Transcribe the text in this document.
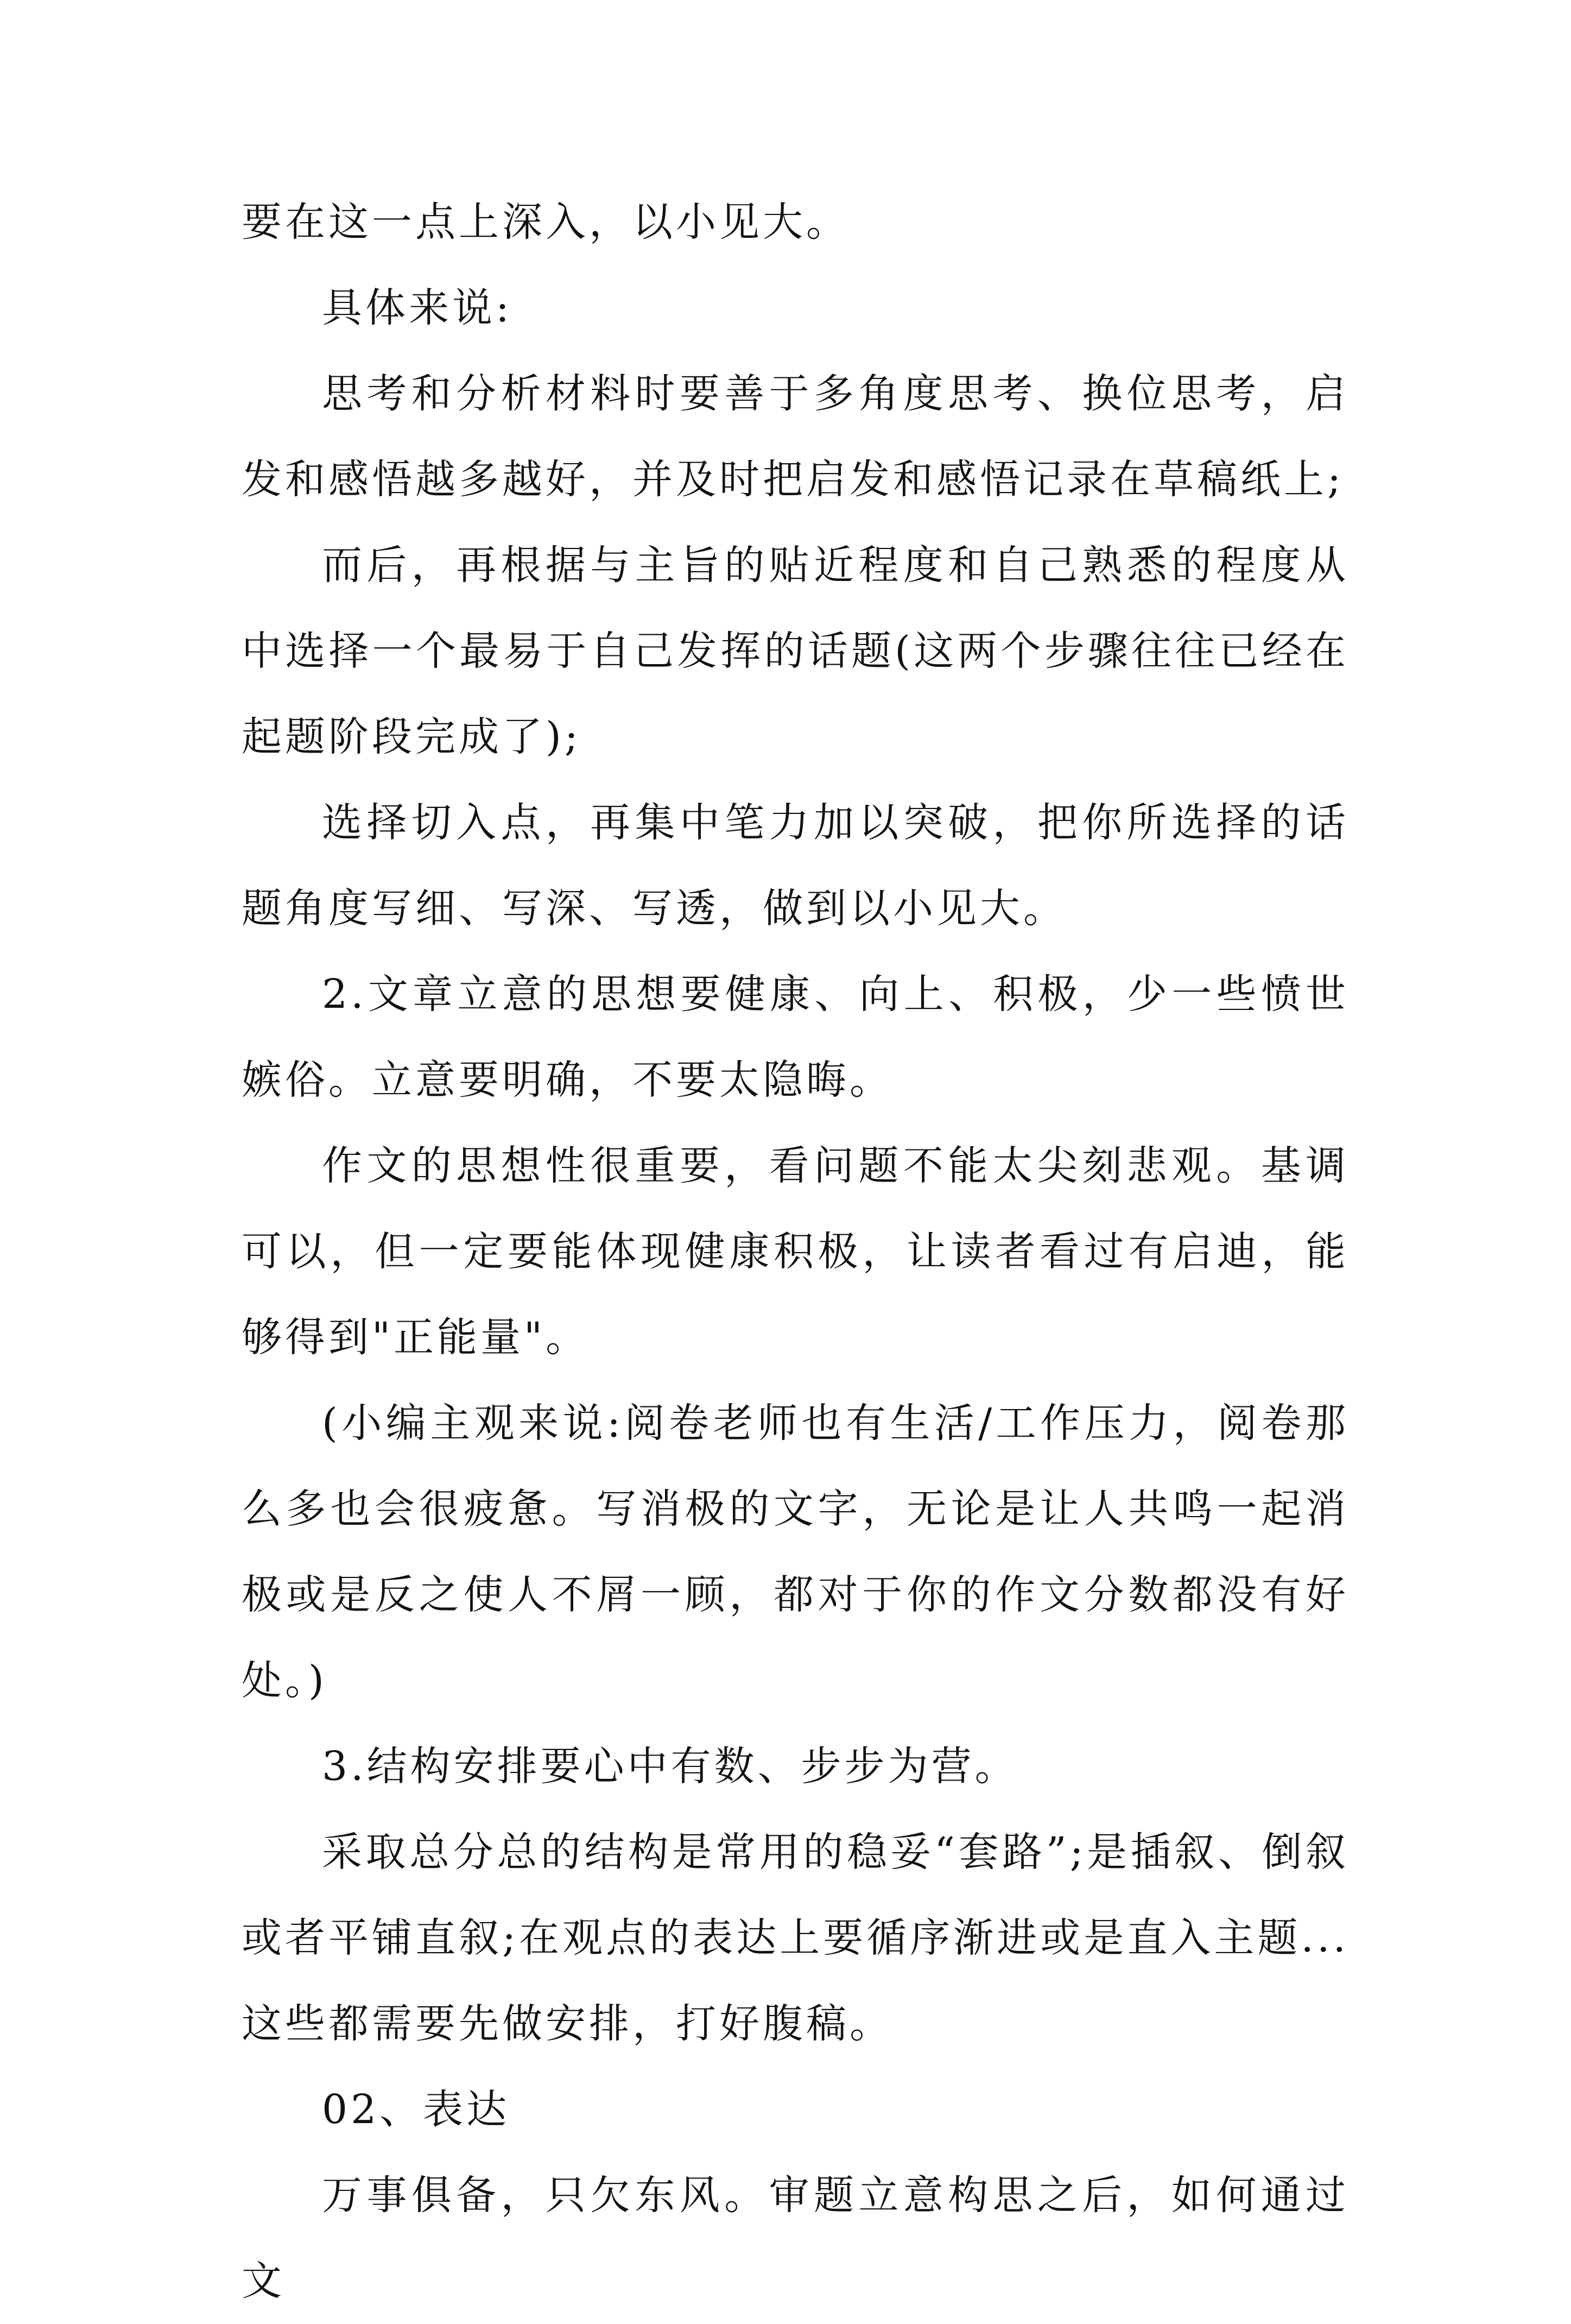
要在这一点上深入，以小见大。

具体来说:

思考和分析材料时要善于多角度思考、换位思考，启发和感悟越多越好，并及时把启发和感悟记录在草稿纸上;

而后，再根据与主旨的贴近程度和自己熟悉的程度从中选择一个最易于自己发挥的话题(这两个步骤往往已经在起题阶段完成了);

选择切入点，再集中笔力加以突破，把你所选择的话题角度写细、写深、写透，做到以小见大。

2.文章立意的思想要健康、向上、积极，少一些愤世嫉俗。立意要明确，不要太隐晦。

作文的思想性很重要，看问题不能太尖刻悲观。基调可以，但一定要能体现健康积极，让读者看过有启迪，能够得到"正能量"。

(小编主观来说:阅卷老师也有生活/工作压力，阅卷那么多也会很疲惫。写消极的文字，无论是让人共鸣一起消极或是反之使人不屑一顾，都对于你的作文分数都没有好处。)

3.结构安排要心中有数、步步为营。

采取总分总的结构是常用的稳妥“套路”;是插叙、倒叙或者平铺直叙;在观点的表达上要循序渐进或是直入主题...这些都需要先做安排，打好腹稿。

02、表达

万事俱备，只欠东风。审题立意构思之后，如何通过文
